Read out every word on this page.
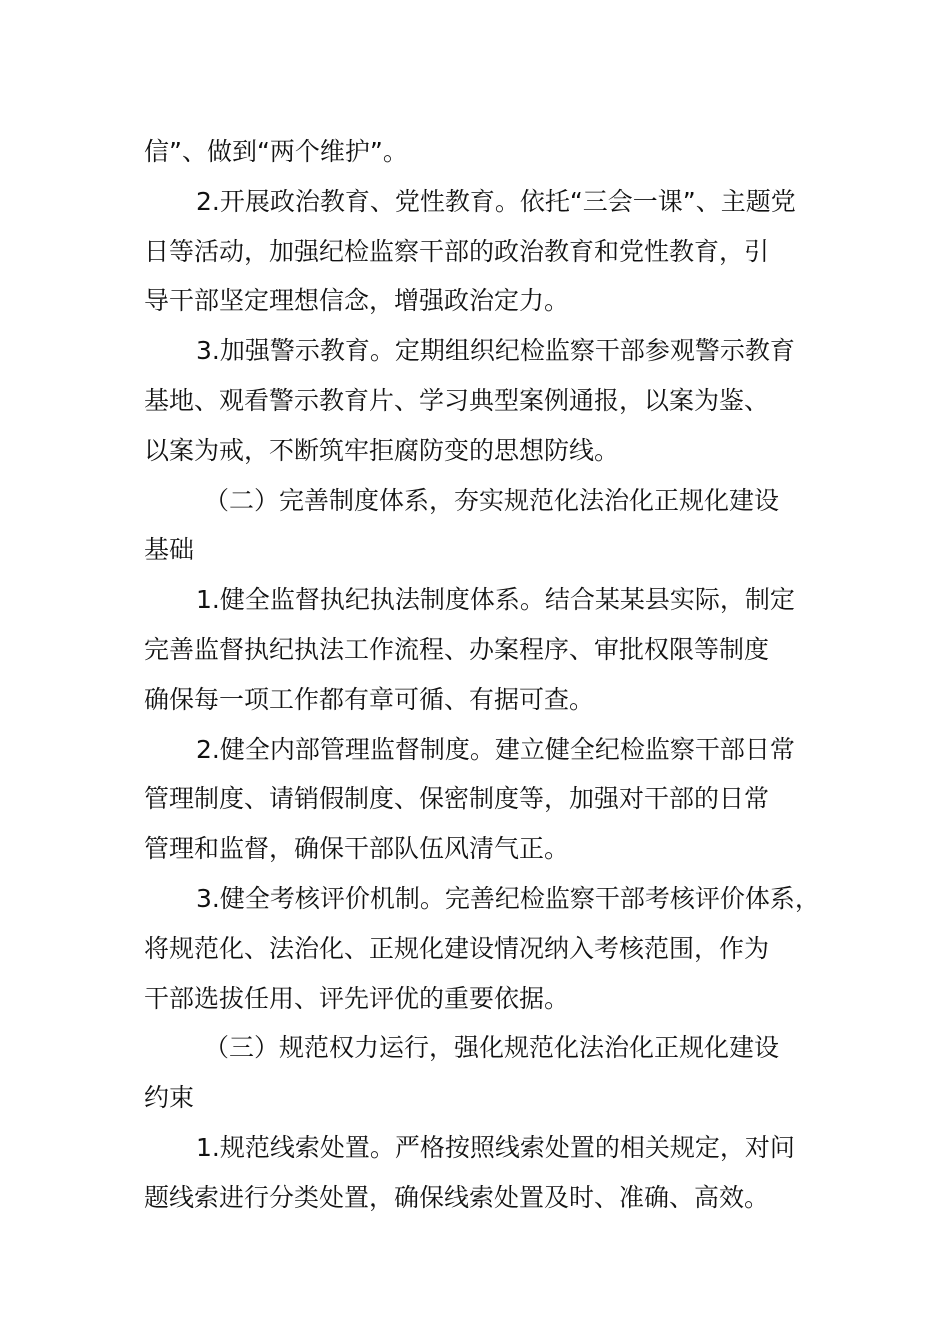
信”、做到“两个维护”。
2.开展政治教育、党性教育。依托“三会一课”、主题党
日等活动，加强纪检监察干部的政治教育和党性教育，引
导干部坚定理想信念，增强政治定力。
3.加强警示教育。定期组织纪检监察干部参观警示教育
基地、观看警示教育片、学习典型案例通报，以案为鉴、
以案为戒，不断筑牢拒腐防变的思想防线。
（二）完善制度体系，夯实规范化法治化正规化建设
基础
1.健全监督执纪执法制度体系。结合某某县实际，制定
完善监督执纪执法工作流程、办案程序、审批权限等制度
确保每一项工作都有章可循、有据可查。
2.健全内部管理监督制度。建立健全纪检监察干部日常
管理制度、请销假制度、保密制度等，加强对干部的日常
管理和监督，确保干部队伍风清气正。
3.健全考核评价机制。完善纪检监察干部考核评价体系，
将规范化、法治化、正规化建设情况纳入考核范围，作为
干部选拔任用、评先评优的重要依据。
（三）规范权力运行，强化规范化法治化正规化建设
约束
1.规范线索处置。严格按照线索处置的相关规定，对问
题线索进行分类处置，确保线索处置及时、准确、高效。
